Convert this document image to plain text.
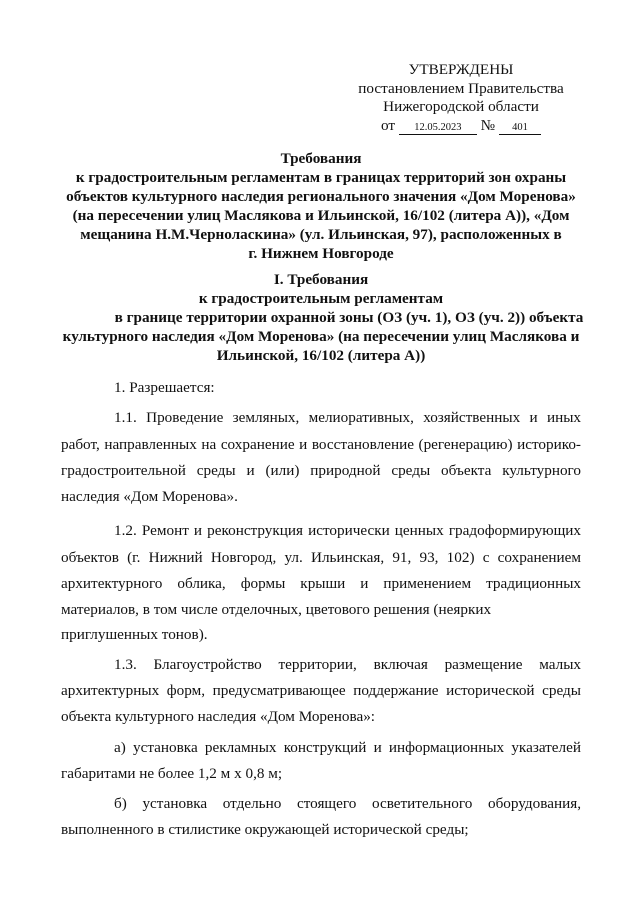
УТВЕРЖДЕНЫ
постановлением Правительства
Нижегородской области
от 12.05.2023 № 401
Требования
к градостроительным регламентам в границах территорий зон охраны
объектов культурного наследия регионального значения «Дом Моренова»
(на пересечении улиц Маслякова и Ильинской, 16/102 (литера А)), «Дом
мещанина Н.М.Черноласкина» (ул. Ильинская, 97), расположенных в
г. Нижнем Новгороде
I. Требования
к градостроительным регламентам
в границе территории охранной зоны (ОЗ (уч. 1), ОЗ (уч. 2)) объекта
культурного наследия «Дом Моренова» (на пересечении улиц Маслякова и
Ильинской, 16/102 (литера А))

1. Разрешается:

1.1. Проведение земляных, мелиоративных, хозяйственных и иных работ, направленных на сохранение и восстановление (регенерацию) историко-градостроительной среды и (или) природной среды объекта культурного наследия «Дом Моренова».

1.2. Ремонт и реконструкция исторически ценных градоформирующих объектов (г. Нижний Новгород, ул. Ильинская, 91, 93, 102) с сохранением архитектурного облика, формы крыши и применением традиционных материалов, в том числе отделочных, цветового решения (неярких

приглушенных тонов).

1.3. Благоустройство территории, включая размещение малых архитектурных форм, предусматривающее поддержание исторической среды объекта культурного наследия «Дом Моренова»:

а) установка рекламных конструкций и информационных указателей габаритами не более 1,2 м х 0,8 м;

б) установка отдельно стоящего осветительного оборудования, выполненного в стилистике окружающей исторической среды;
